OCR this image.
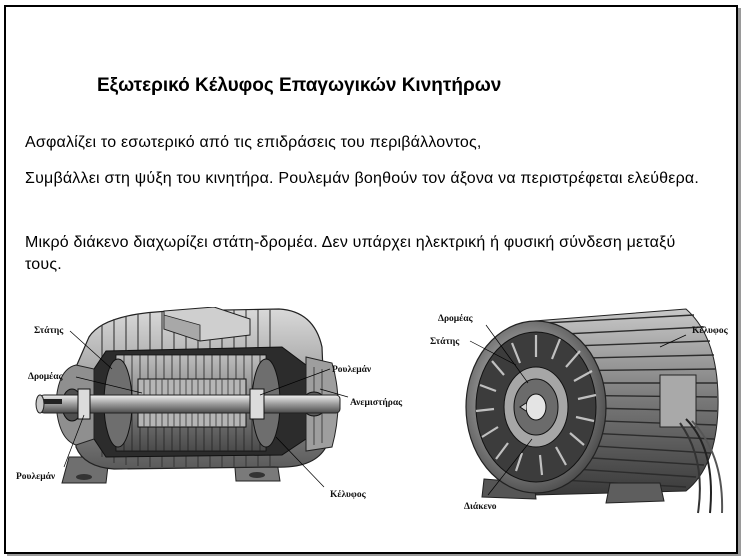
Εξωτερικό Κέλυφος Επαγωγικών Κινητήρων
Ασφαλίζει το εσωτερικό από τις επιδράσεις του περιβάλλοντος,
Συμβάλλει στη ψύξη του κινητήρα. Ρουλεμάν βοηθούν τον άξονα να περιστρέφεται ελεύθερα.
Μικρό διάκενο διαχωρίζει στάτη-δρομέα. Δεν υπάρχει ηλεκτρική ή φυσική σύνδεση μεταξύ τους.
Στάτης
Δρομέας
Ρουλεμάν
Ανεμιστήρας
Ρουλεμάν
Κέλυφος
Δρομέας
Στάτης
Κέλυφος
Διάκενο
